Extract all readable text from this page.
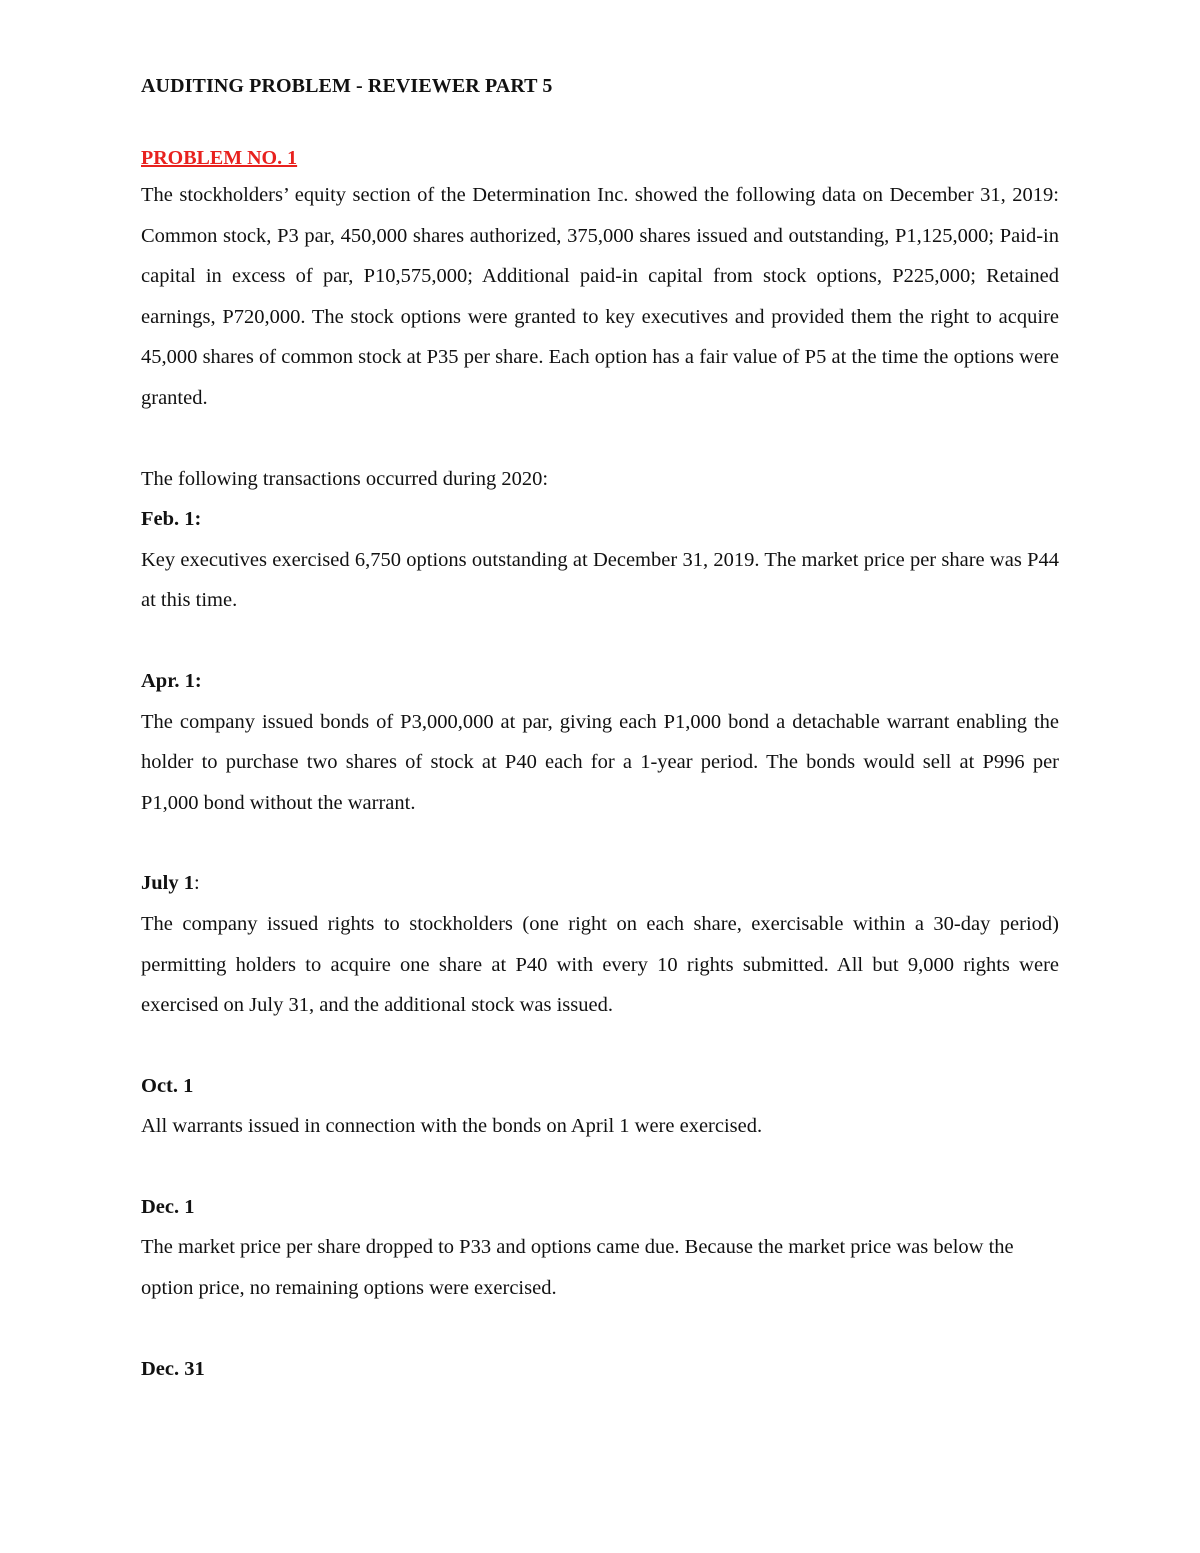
AUDITING PROBLEM - REVIEWER PART 5
PROBLEM NO. 1

The stockholders’ equity section of the Determination Inc. showed the following data on December 31, 2019: Common stock, P3 par, 450,000 shares authorized, 375,000 shares issued and outstanding, P1,125,000; Paid-in capital in excess of par, P10,575,000; Additional paid-in capital from stock options, P225,000; Retained earnings, P720,000. The stock options were granted to key executives and provided them the right to acquire 45,000 shares of common stock at P35 per share. Each option has a fair value of P5 at the time the options were granted.

The following transactions occurred during 2020:

Feb. 1:

Key executives exercised 6,750 options outstanding at December 31, 2019. The market price per share was P44 at this time.

Apr. 1:

The company issued bonds of P3,000,000 at par, giving each P1,000 bond a detachable warrant enabling the holder to purchase two shares of stock at P40 each for a 1-year period. The bonds would sell at P996 per P1,000 bond without the warrant.

July 1:

The company issued rights to stockholders (one right on each share, exercisable within a 30-day period) permitting holders to acquire one share at P40 with every 10 rights submitted. All but 9,000 rights were exercised on July 31, and the additional stock was issued.

Oct. 1

All warrants issued in connection with the bonds on April 1 were exercised.

Dec. 1

The market price per share dropped to P33 and options came due. Because the market price was below the option price, no remaining options were exercised.

Dec. 31
